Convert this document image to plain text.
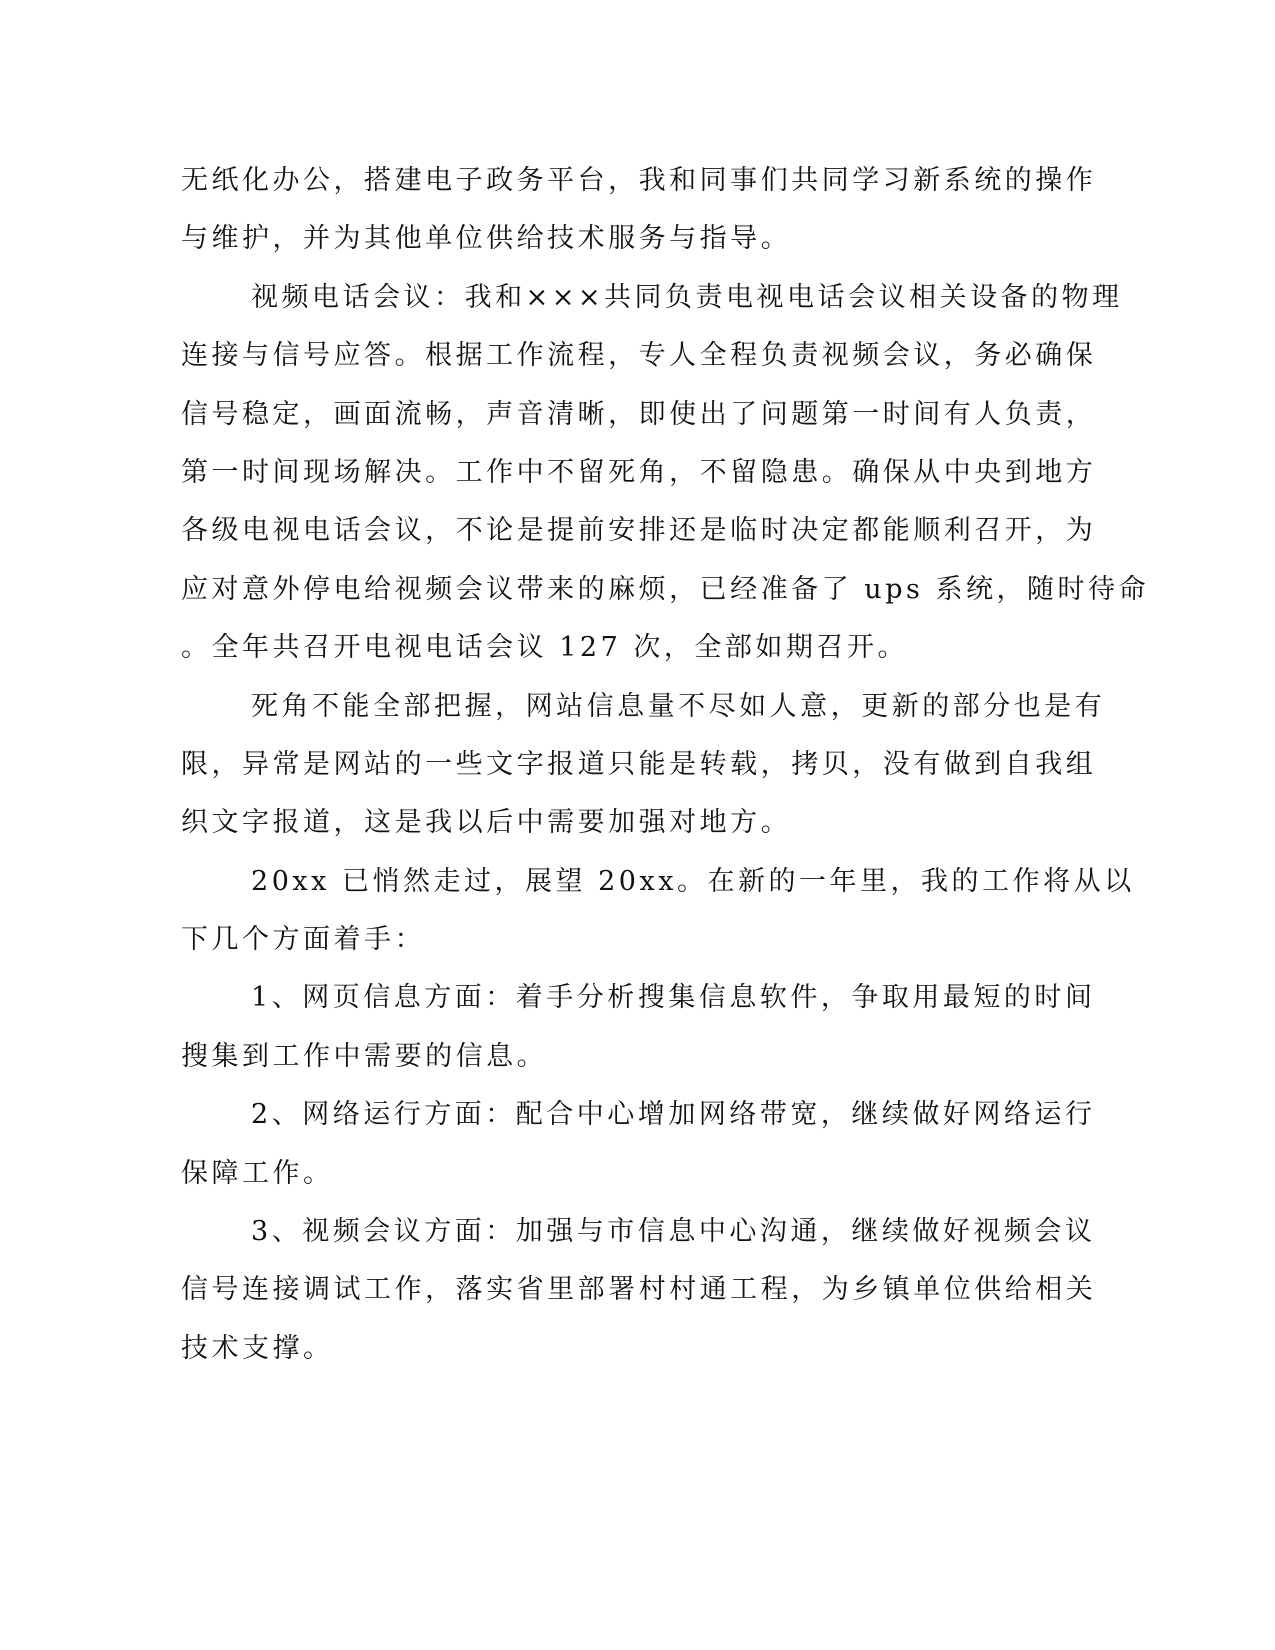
无纸化办公，搭建电子政务平台，我和同事们共同学习新系统的操作
与维护，并为其他单位供给技术服务与指导。
视频电话会议：我和×××共同负责电视电话会议相关设备的物理
连接与信号应答。根据工作流程，专人全程负责视频会议，务必确保
信号稳定，画面流畅，声音清晰，即使出了问题第一时间有人负责，
第一时间现场解决。工作中不留死角，不留隐患。确保从中央到地方
各级电视电话会议，不论是提前安排还是临时决定都能顺利召开，为
应对意外停电给视频会议带来的麻烦，已经准备了 ups 系统，随时待命
。全年共召开电视电话会议 127 次，全部如期召开。
死角不能全部把握，网站信息量不尽如人意，更新的部分也是有
限，异常是网站的一些文字报道只能是转载，拷贝，没有做到自我组
织文字报道，这是我以后中需要加强对地方。
20xx 已悄然走过，展望 20xx。在新的一年里，我的工作将从以
下几个方面着手：
1、网页信息方面：着手分析搜集信息软件，争取用最短的时间
搜集到工作中需要的信息。
2、网络运行方面：配合中心增加网络带宽，继续做好网络运行
保障工作。
3、视频会议方面：加强与市信息中心沟通，继续做好视频会议
信号连接调试工作，落实省里部署村村通工程，为乡镇单位供给相关
技术支撑。
